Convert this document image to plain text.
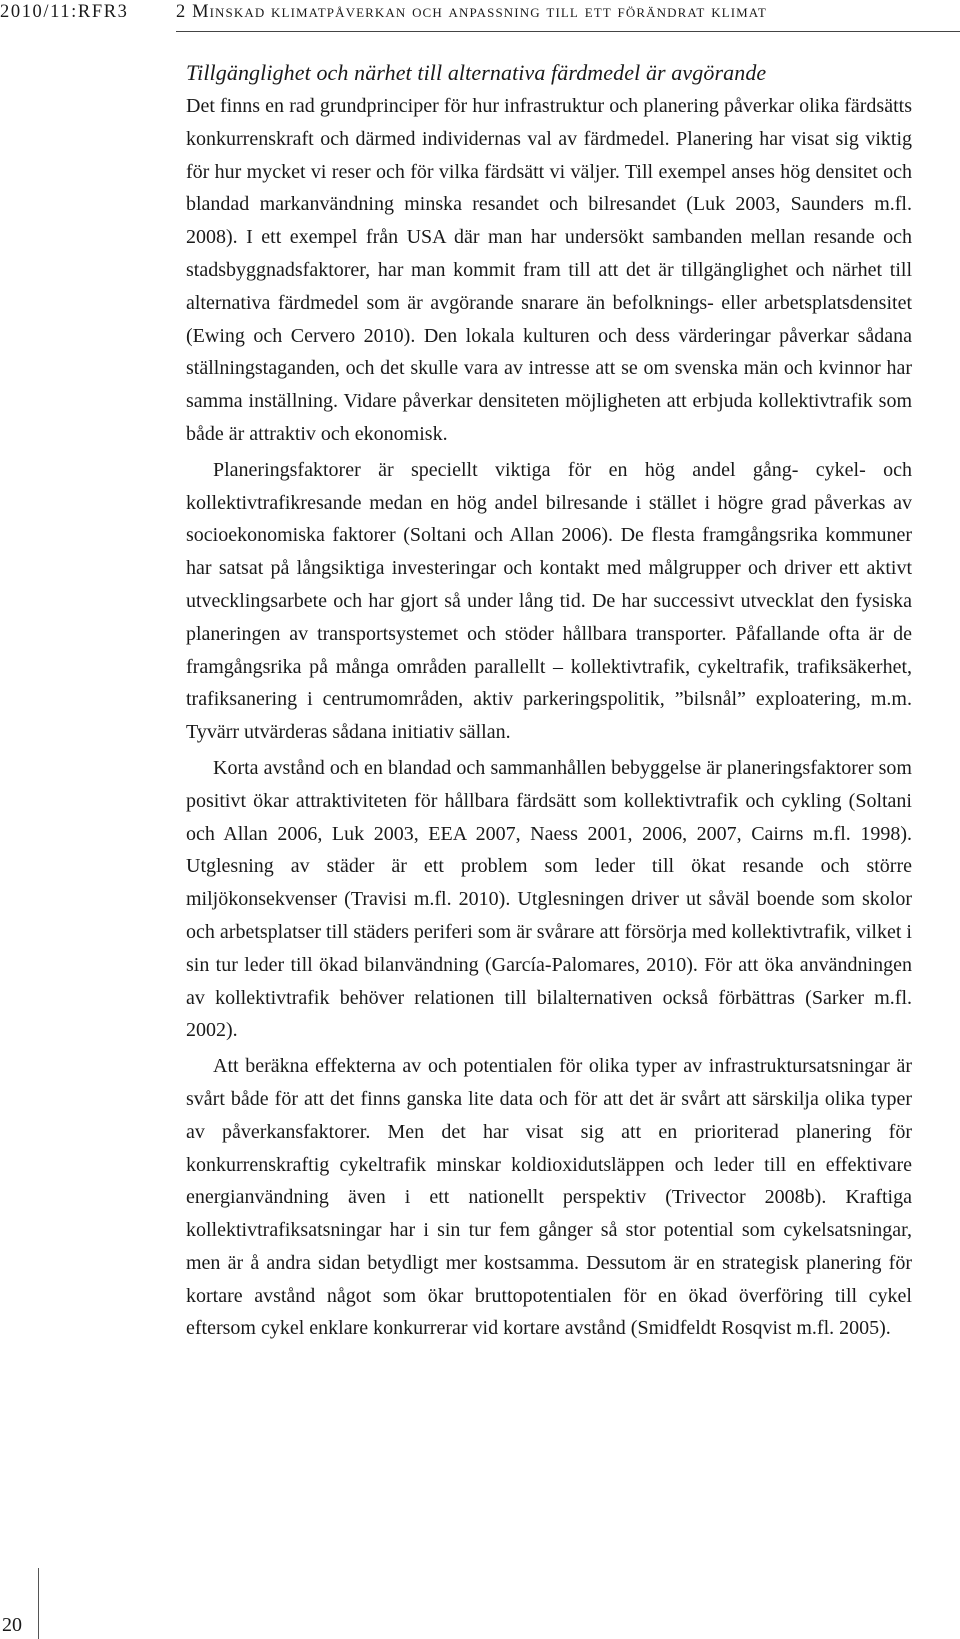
2010/11:RFR3	2 Minskad klimatpåverkan och anpassning till ett förändrat klimat
Tillgänglighet och närhet till alternativa färdmedel är avgörande

Det finns en rad grundprinciper för hur infrastruktur och planering påverkar olika färdsätts konkurrenskraft och därmed individernas val av färdmedel. Planering har visat sig viktig för hur mycket vi reser och för vilka färdsätt vi väljer. Till exempel anses hög densitet och blandad markanvändning minska resandet och bilresandet (Luk 2003, Saunders m.fl. 2008). I ett exempel från USA där man har undersökt sambanden mellan resande och stadsbyggnadsfaktorer, har man kommit fram till att det är tillgänglighet och närhet till alternativa färdmedel som är avgörande snarare än befolknings- eller arbetsplatsdensitet (Ewing och Cervero 2010). Den lokala kulturen och dess värderingar påverkar sådana ställningstaganden, och det skulle vara av intresse att se om svenska män och kvinnor har samma inställning. Vidare påverkar densiteten möjligheten att erbjuda kollektivtrafik som både är attraktiv och ekonomisk.

Planeringsfaktorer är speciellt viktiga för en hög andel gång- cykel- och kollektivtrafikresande medan en hög andel bilresande i stället i högre grad påverkas av socioekonomiska faktorer (Soltani och Allan 2006). De flesta framgångsrika kommuner har satsat på långsiktiga investeringar och kontakt med målgrupper och driver ett aktivt utvecklingsarbete och har gjort så under lång tid. De har successivt utvecklat den fysiska planeringen av transportsystemet och stöder hållbara transporter. Påfallande ofta är de framgångsrika på många områden parallellt – kollektivtrafik, cykeltrafik, trafiksäkerhet, trafiksanering i centrumområden, aktiv parkeringspolitik, ”bilsnål” exploatering, m.m. Tyvärr utvärderas sådana initiativ sällan.

Korta avstånd och en blandad och sammanhållen bebyggelse är planeringsfaktorer som positivt ökar attraktiviteten för hållbara färdsätt som kollektivtrafik och cykling (Soltani och Allan 2006, Luk 2003, EEA 2007, Naess 2001, 2006, 2007, Cairns m.fl. 1998). Utglesning av städer är ett problem som leder till ökat resande och större miljökonsekvenser (Travisi m.fl. 2010). Utglesningen driver ut såväl boende som skolor och arbetsplatser till städers periferi som är svårare att försörja med kollektivtrafik, vilket i sin tur leder till ökad bilanvändning (García-Palomares, 2010). För att öka användningen av kollektivtrafik behöver relationen till bilalternativen också förbättras (Sarker m.fl. 2002).

Att beräkna effekterna av och potentialen för olika typer av infrastruktursatsningar är svårt både för att det finns ganska lite data och för att det är svårt att särskilja olika typer av påverkansfaktorer. Men det har visat sig att en prioriterad planering för konkurrenskraftig cykeltrafik minskar koldioxidutsläppen och leder till en effektivare energianvändning även i ett nationellt perspektiv (Trivector 2008b). Kraftiga kollektivtrafiksatsningar har i sin tur fem gånger så stor potential som cykelsatsningar, men är å andra sidan betydligt mer kostsamma. Dessutom är en strategisk planering för kortare avstånd något som ökar bruttopotentialen för en ökad överföring till cykel eftersom cykel enklare konkurrerar vid kortare avstånd (Smidfeldt Rosqvist m.fl. 2005).

20
